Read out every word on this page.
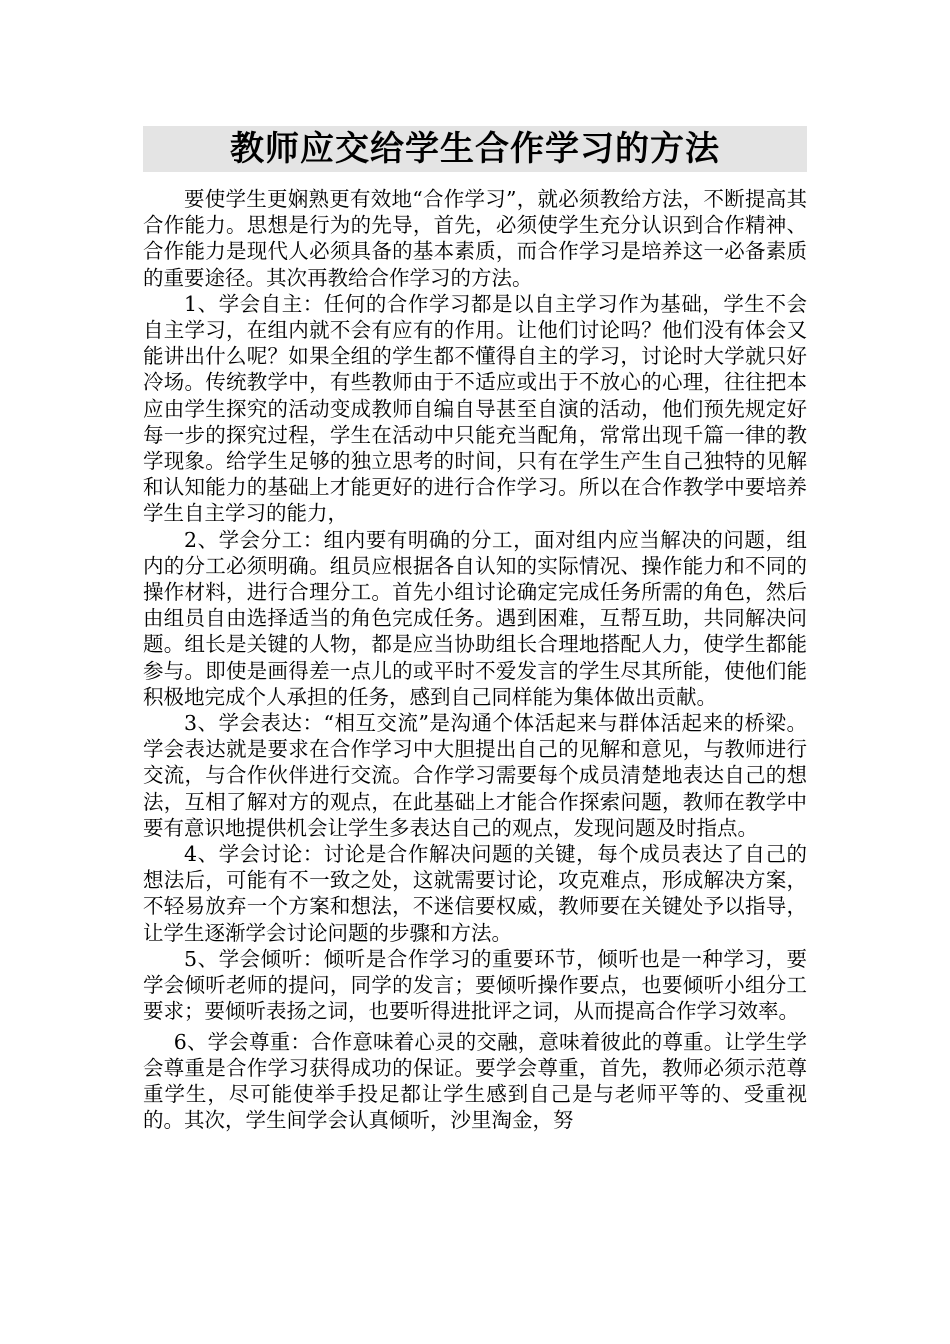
教师应交给学生合作学习的方法

要使学生更娴熟更有效地“合作学习”，就必须教给方法，不断提高其合作能力。思想是行为的先导，首先，必须使学生充分认识到合作精神、合作能力是现代人必须具备的基本素质，而合作学习是培养这一必备素质的重要途径。其次再教给合作学习的方法。

1、学会自主：任何的合作学习都是以自主学习作为基础，学生不会自主学习，在组内就不会有应有的作用。让他们讨论吗？他们没有体会又能讲出什么呢？如果全组的学生都不懂得自主的学习，讨论时大学就只好冷场。传统教学中，有些教师由于不适应或出于不放心的心理，往往把本应由学生探究的活动变成教师自编自导甚至自演的活动，他们预先规定好每一步的探究过程，学生在活动中只能充当配角，常常出现千篇一律的教学现象。给学生足够的独立思考的时间，只有在学生产生自己独特的见解和认知能力的基础上才能更好的进行合作学习。所以在合作教学中要培养学生自主学习的能力，

2、学会分工：组内要有明确的分工，面对组内应当解决的问题，组内的分工必须明确。组员应根据各自认知的实际情况、操作能力和不同的操作材料，进行合理分工。首先小组讨论确定完成任务所需的角色，然后由组员自由选择适当的角色完成任务。遇到困难，互帮互助，共同解决问题。组长是关键的人物，都是应当协助组长合理地搭配人力，使学生都能参与。即使是画得差一点儿的或平时不爱发言的学生尽其所能，使他们能积极地完成个人承担的任务，感到自己同样能为集体做出贡献。

3、学会表达：“相互交流”是沟通个体活起来与群体活起来的桥梁。学会表达就是要求在合作学习中大胆提出自己的见解和意见，与教师进行交流，与合作伙伴进行交流。合作学习需要每个成员清楚地表达自己的想法，互相了解对方的观点，在此基础上才能合作探索问题，教师在教学中要有意识地提供机会让学生多表达自己的观点，发现问题及时指点。

4、学会讨论：讨论是合作解决问题的关键，每个成员表达了自己的想法后，可能有不一致之处，这就需要讨论，攻克难点，形成解决方案，不轻易放弃一个方案和想法，不迷信要权威，教师要在关键处予以指导，让学生逐渐学会讨论问题的步骤和方法。

5、学会倾听：倾听是合作学习的重要环节，倾听也是一种学习，要学会倾听老师的提问，同学的发言；要倾听操作要点，也要倾听小组分工要求；要倾听表扬之词，也要听得进批评之词，从而提高合作学习效率。

6、学会尊重：合作意味着心灵的交融，意味着彼此的尊重。让学生学会尊重是合作学习获得成功的保证。要学会尊重，首先，教师必须示范尊重学生，尽可能使举手投足都让学生感到自己是与老师平等的、受重视的。其次，学生间学会认真倾听，沙里淘金，努
